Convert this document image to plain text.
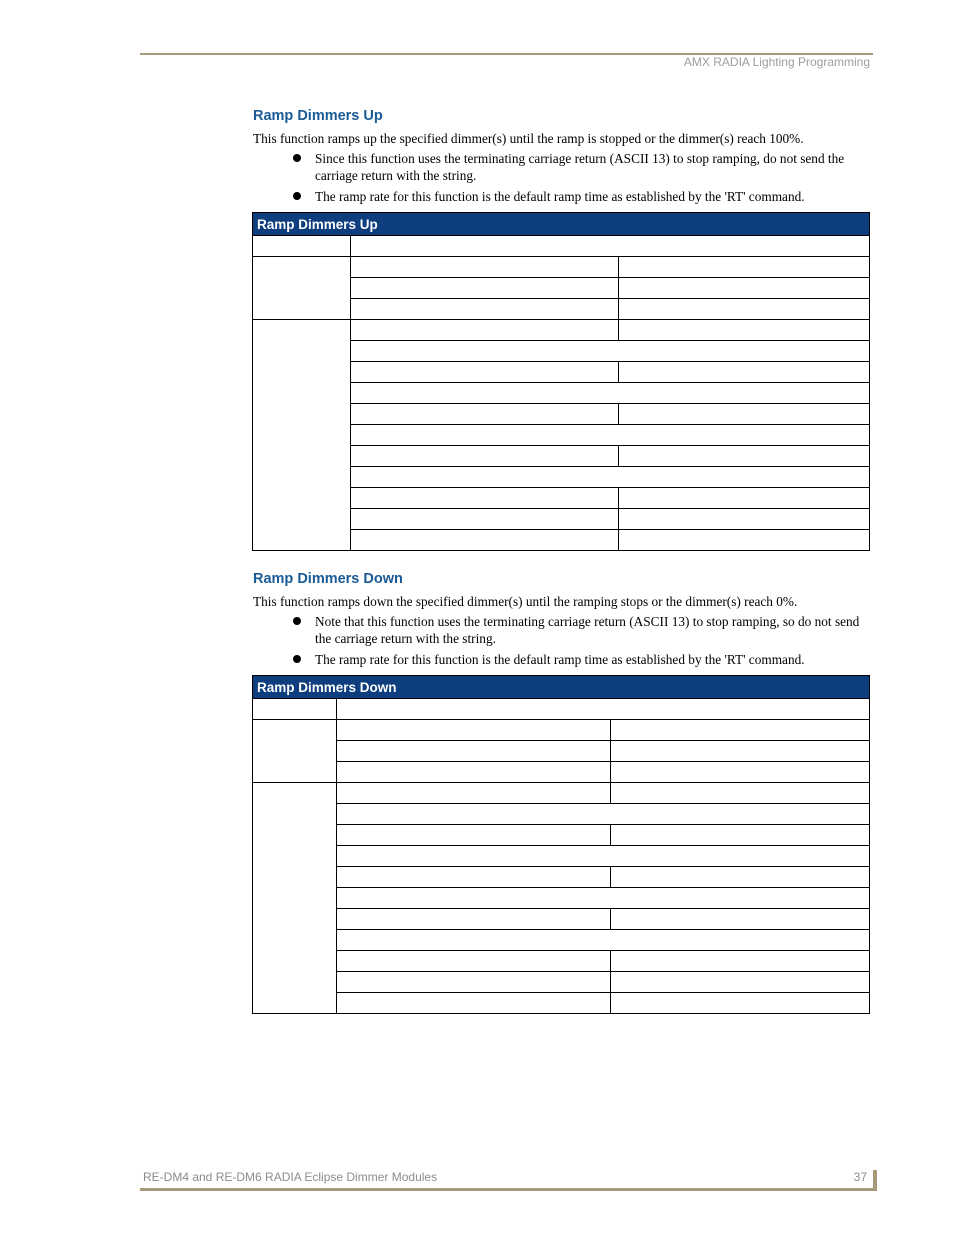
AMX RADIA Lighting Programming
Ramp Dimmers Up
This function ramps up the specified dimmer(s) until the ramp is stopped or the dimmer(s) reach 100%.
Since this function uses the terminating carriage return (ASCII 13) to stop ramping, do not send the carriage return with the string.
The ramp rate for this function is the default ramp time as established by the 'RT' command.
Ramp Dimmers Up		

Ramp Dimmers Down
This function ramps down the specified dimmer(s) until the ramping stops or the dimmer(s) reach 0%.
Note that this function uses the terminating carriage return (ASCII 13) to stop ramping, so do not send the carriage return with the string.
The ramp rate for this function is the default ramp time as established by the 'RT' command.
Ramp Dimmers Down		

RE-DM4 and RE-DM6 RADIA Eclipse Dimmer Modules	37
